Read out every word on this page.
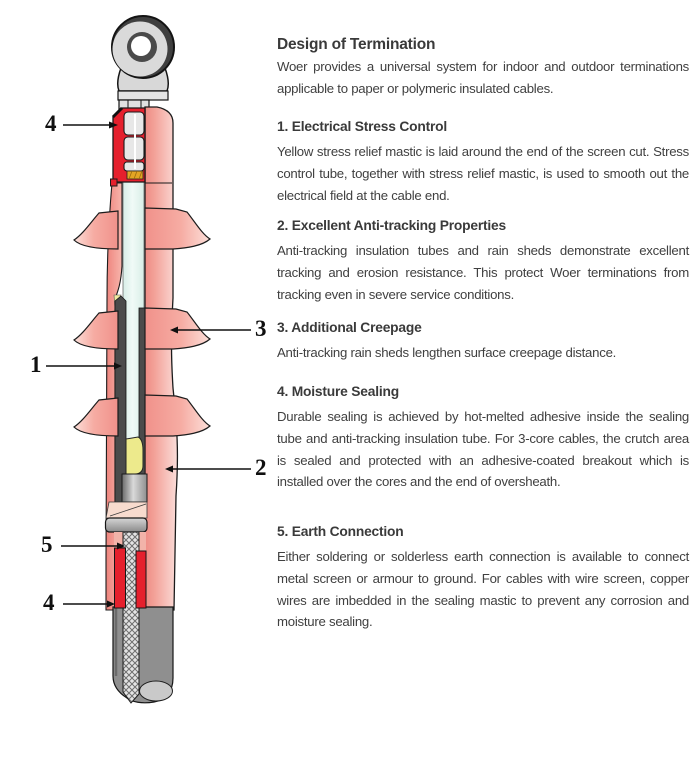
4
1
3
2
5
4
Design of Termination

Woer provides a universal system for indoor and outdoor terminations applicable to paper or polymeric insulated cables.

1. Electrical Stress Control

Yellow stress relief mastic is laid around the end of the screen cut. Stress control tube, together with stress relief mastic, is used to smooth out the electrical field at the cable end.

2. Excellent Anti-tracking Properties

Anti-tracking insulation tubes and rain sheds demonstrate excellent tracking and erosion resistance. This protect Woer terminations from tracking even in severe service conditions.

3. Additional Creepage

Anti-tracking rain sheds lengthen surface creepage distance.

4. Moisture Sealing

Durable sealing is achieved by hot-melted adhesive inside the sealing tube and anti-tracking insulation tube. For 3-core cables, the crutch area is sealed and protected with an adhesive-coated breakout which is installed over the cores and the end of oversheath.

5. Earth Connection

Either soldering or solderless earth connection is available to connect metal screen or armour to ground. For cables with wire screen, copper wires are imbedded in the sealing mastic to prevent any corrosion and moisture sealing.
